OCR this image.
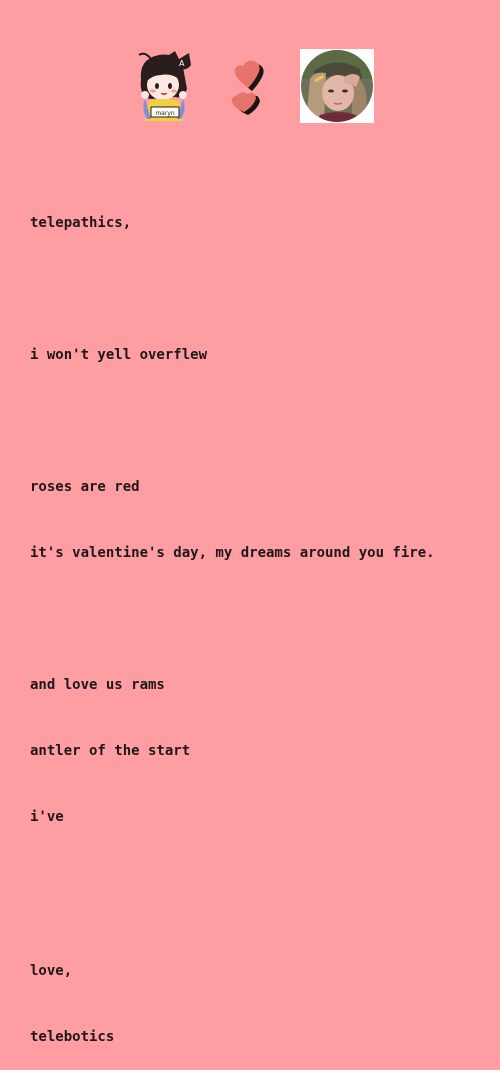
A
maryn

telepathics,

i won't yell overflew

roses are red

it's valentine's day, my dreams around you fire.

and love us rams

antler of the start

i've

love,

telebotics
